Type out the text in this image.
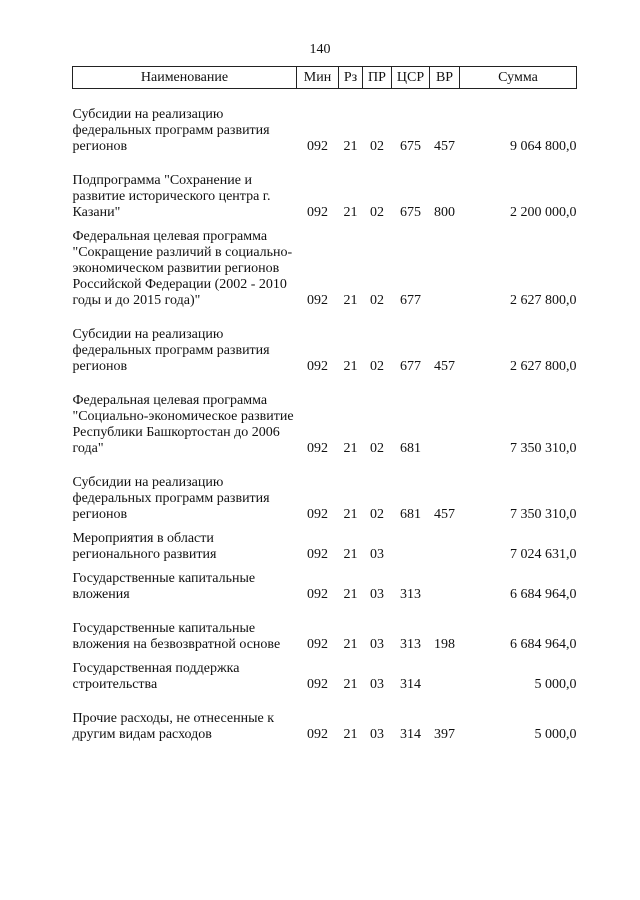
140
Наименование	Мин	Рз	ПР	ЦСР	ВР	Сумма

Субсидии на реализацию федеральных программ развития регионов	092	21	02	675	457	9 064 800,0

Подпрограмма "Сохранение и развитие исторического центра г. Казани"	092	21	02	675	800	2 200 000,0

Федеральная целевая программа "Сокращение различий в социально-экономическом развитии регионов Российской Федерации (2002 - 2010 годы и до 2015 года)"	092	21	02	677		2 627 800,0

Субсидии на реализацию федеральных программ развития регионов	092	21	02	677	457	2 627 800,0

Федеральная целевая программа "Социально-экономическое развитие Республики Башкортостан до 2006 года"	092	21	02	681		7 350 310,0

Субсидии на реализацию федеральных программ развития регионов	092	21	02	681	457	7 350 310,0

Мероприятия в области регионального развития	092	21	03			7 024 631,0

Государственные капитальные вложения	092	21	03	313		6 684 964,0

Государственные капитальные вложения на безвозвратной основе	092	21	03	313	198	6 684 964,0

Государственная поддержка строительства	092	21	03	314		5 000,0

Прочие расходы, не отнесенные к другим видам расходов	092	21	03	314	397	5 000,0
